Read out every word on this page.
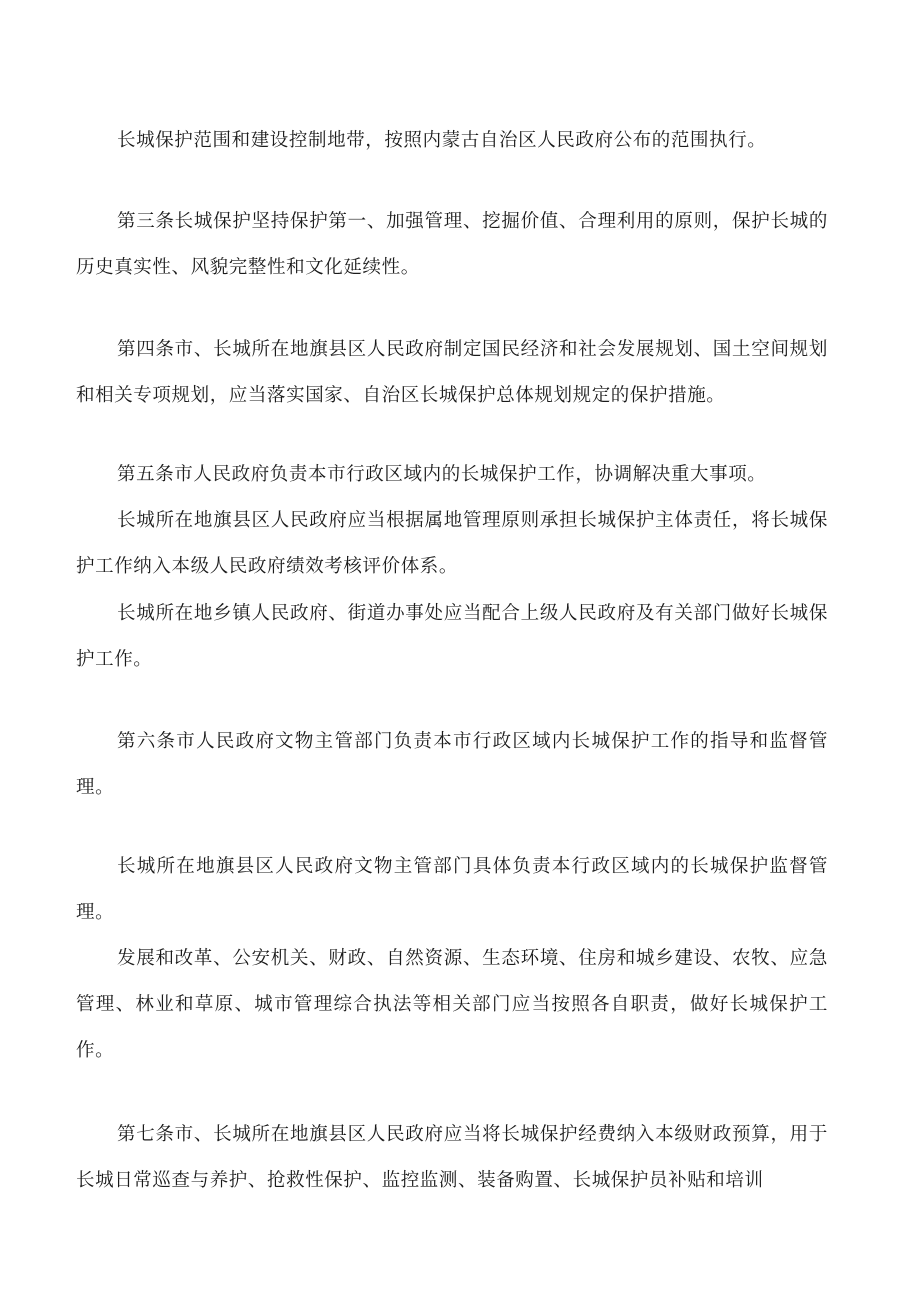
长城保护范围和建设控制地带，按照内蒙古自治区人民政府公布的范围执行。

第三条长城保护坚持保护第一、加强管理、挖掘价值、合理利用的原则，保护长城的历史真实性、风貌完整性和文化延续性。

第四条市、长城所在地旗县区人民政府制定国民经济和社会发展规划、国土空间规划和相关专项规划，应当落实国家、自治区长城保护总体规划规定的保护措施。

第五条市人民政府负责本市行政区域内的长城保护工作，协调解决重大事项。

长城所在地旗县区人民政府应当根据属地管理原则承担长城保护主体责任，将长城保护工作纳入本级人民政府绩效考核评价体系。

长城所在地乡镇人民政府、街道办事处应当配合上级人民政府及有关部门做好长城保护工作。

第六条市人民政府文物主管部门负责本市行政区域内长城保护工作的指导和监督管理。

长城所在地旗县区人民政府文物主管部门具体负责本行政区域内的长城保护监督管理。

发展和改革、公安机关、财政、自然资源、生态环境、住房和城乡建设、农牧、应急管理、林业和草原、城市管理综合执法等相关部门应当按照各自职责，做好长城保护工作。

第七条市、长城所在地旗县区人民政府应当将长城保护经费纳入本级财政预算，用于长城日常巡查与养护、抢救性保护、监控监测、装备购置、长城保护员补贴和培训
